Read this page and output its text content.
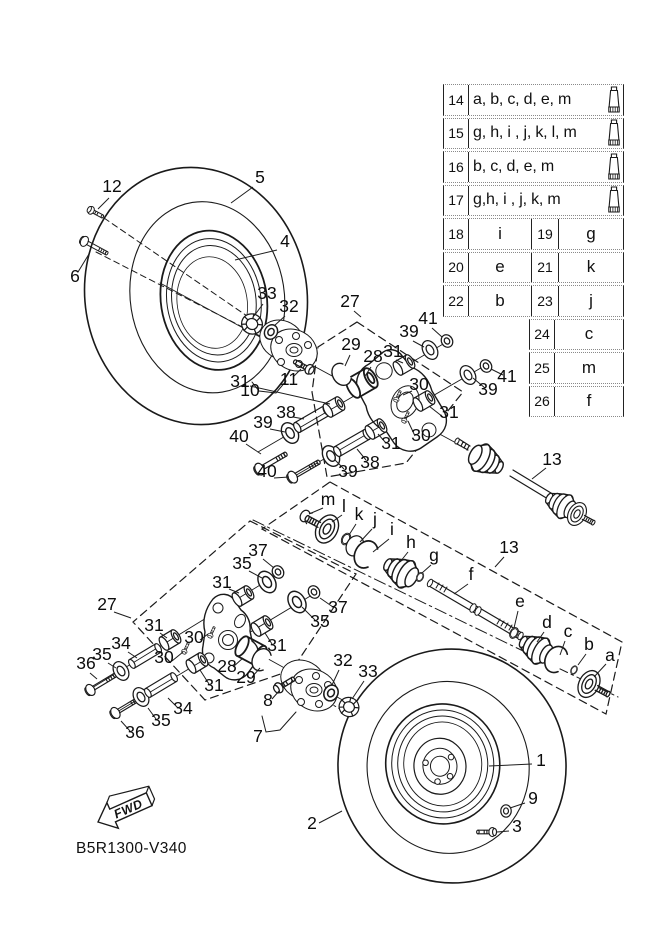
FWD
12
6
5
4
33
32
10
11
27
29
28 31
31
39
41
30
31
39
41
30
31
38
39
40
38
39
40
13
13
m l k j i
h
g
f
e
d c
b
a
37
35
31
27
31
30
34
35
36	30
37
35
31
28
29
31
34
35
36
32
33
8
7
1
9
3
2
14 a, b, c, d, e, m
15 g, h, i , j, k, l, m
16 b, c, d, e, m
17 g,h, i , j, k, m
18	i	19	g
20	e	21	k
22	b	23	j
24	c
25	m
26	f
B5R1300-V340
